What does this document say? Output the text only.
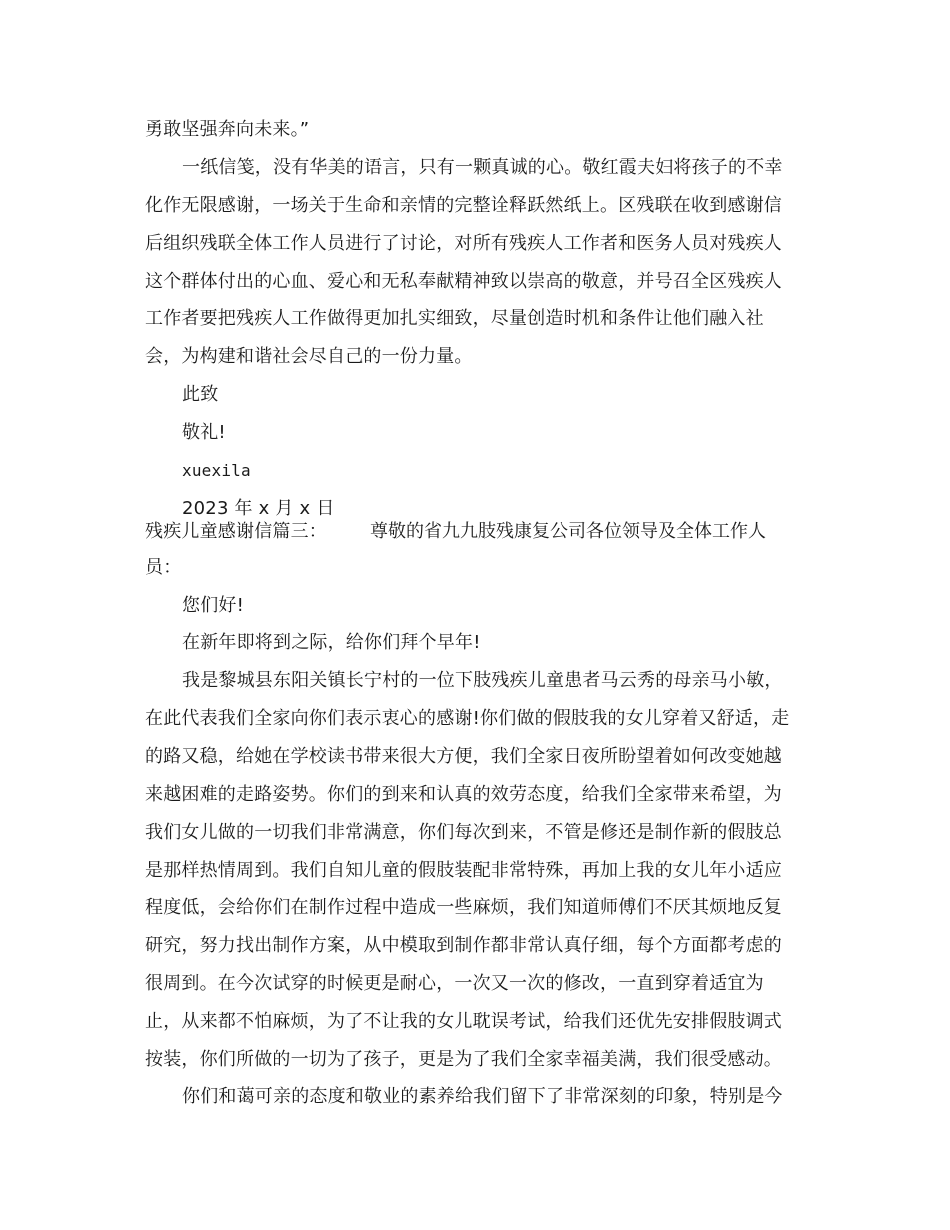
勇敢坚强奔向未来。”
一纸信笺，没有华美的语言，只有一颗真诚的心。敬红霞夫妇将孩子的不幸
化作无限感谢，一场关于生命和亲情的完整诠释跃然纸上。区残联在收到感谢信
后组织残联全体工作人员进行了讨论，对所有残疾人工作者和医务人员对残疾人
这个群体付出的心血、爱心和无私奉献精神致以崇高的敬意，并号召全区残疾人
工作者要把残疾人工作做得更加扎实细致，尽量创造时机和条件让他们融入社
会，为构建和谐社会尽自己的一份力量。
此致
敬礼!
xuexila
2023 年 x 月 x 日
残疾儿童感谢信篇三： 尊敬的省九九肢残康复公司各位领导及全体工作人
员：
您们好!
在新年即将到之际，给你们拜个早年!
我是黎城县东阳关镇长宁村的一位下肢残疾儿童患者马云秀的母亲马小敏，
在此代表我们全家向你们表示衷心的感谢!你们做的假肢我的女儿穿着又舒适，走
的路又稳，给她在学校读书带来很大方便，我们全家日夜所盼望着如何改变她越
来越困难的走路姿势。你们的到来和认真的效劳态度，给我们全家带来希望，为
我们女儿做的一切我们非常满意，你们每次到来，不管是修还是制作新的假肢总
是那样热情周到。我们自知儿童的假肢装配非常特殊，再加上我的女儿年小适应
程度低，会给你们在制作过程中造成一些麻烦，我们知道师傅们不厌其烦地反复
研究，努力找出制作方案，从中模取到制作都非常认真仔细，每个方面都考虑的
很周到。在今次试穿的时候更是耐心，一次又一次的修改，一直到穿着适宜为
止，从来都不怕麻烦，为了不让我的女儿耽误考试，给我们还优先安排假肢调式
按装，你们所做的一切为了孩子，更是为了我们全家幸福美满，我们很受感动。
你们和蔼可亲的态度和敬业的素养给我们留下了非常深刻的印象，特别是今
